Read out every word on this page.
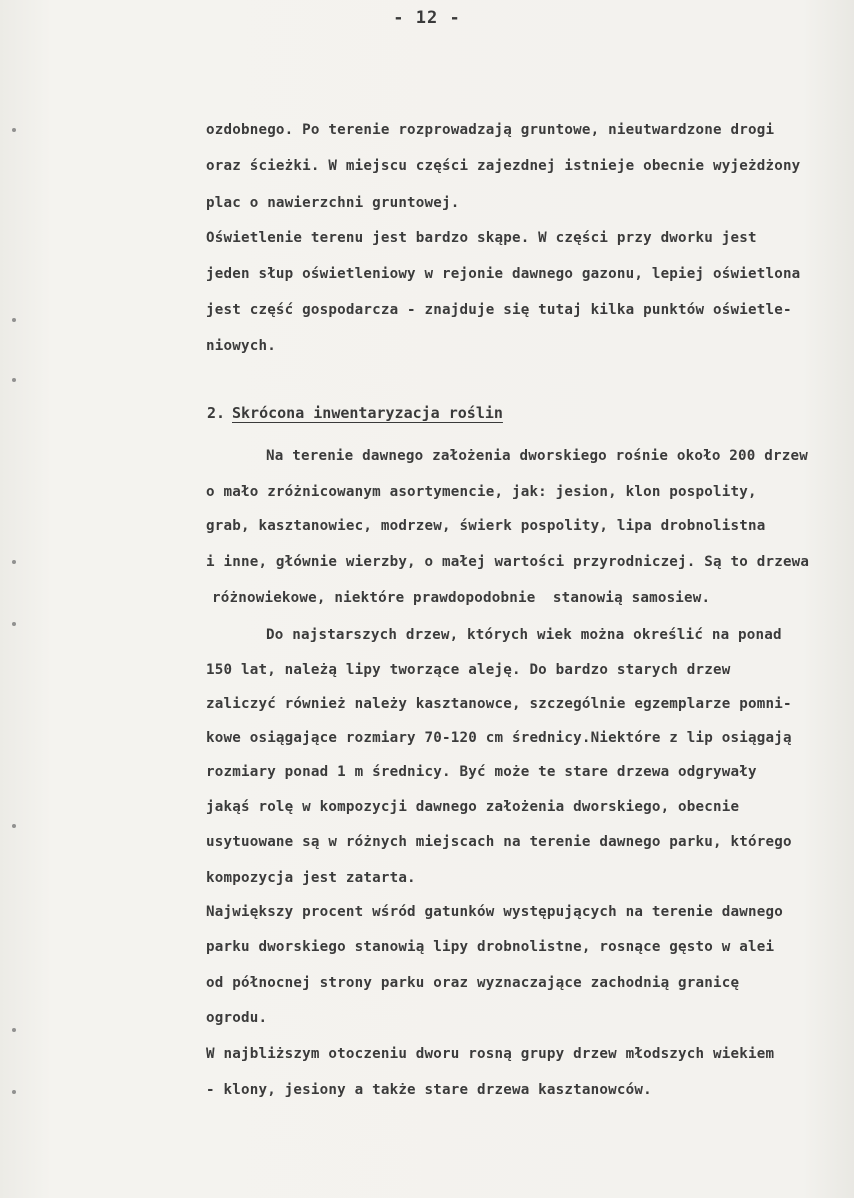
- 12 -
ozdobnego. Po terenie rozprowadzają gruntowe, nieutwardzone drogi
oraz ścieżki. W miejscu części zajezdnej istnieje obecnie wyjeżdżony
plac o nawierzchni gruntowej.
Oświetlenie terenu jest bardzo skąpe. W części przy dworku jest
jeden słup oświetleniowy w rejonie dawnego gazonu, lepiej oświetlona
jest część gospodarcza - znajduje się tutaj kilka punktów oświetle-
niowych.
2. Skrócona inwentaryzacja roślin
Na terenie dawnego założenia dworskiego rośnie około 200 drzew
o mało zróżnicowanym asortymencie, jak: jesion, klon pospolity,
grab, kasztanowiec, modrzew, świerk pospolity, lipa drobnolistna
i inne, głównie wierzby, o małej wartości przyrodniczej. Są to drzewa
różnowiekowe, niektóre prawdopodobnie  stanowią samosiew.
Do najstarszych drzew, których wiek można określić na ponad
150 lat, należą lipy tworzące aleję. Do bardzo starych drzew
zaliczyć również należy kasztanowce, szczególnie egzemplarze pomni-
kowe osiągające rozmiary 70-120 cm średnicy.Niektóre z lip osiągają
rozmiary ponad 1 m średnicy. Być może te stare drzewa odgrywały
jakąś rolę w kompozycji dawnego założenia dworskiego, obecnie
usytuowane są w różnych miejscach na terenie dawnego parku, którego
kompozycja jest zatarta.
Największy procent wśród gatunków występujących na terenie dawnego
parku dworskiego stanowią lipy drobnolistne, rosnące gęsto w alei
od północnej strony parku oraz wyznaczające zachodnią granicę
ogrodu.
W najbliższym otoczeniu dworu rosną grupy drzew młodszych wiekiem
- klony, jesiony a także stare drzewa kasztanowców.
